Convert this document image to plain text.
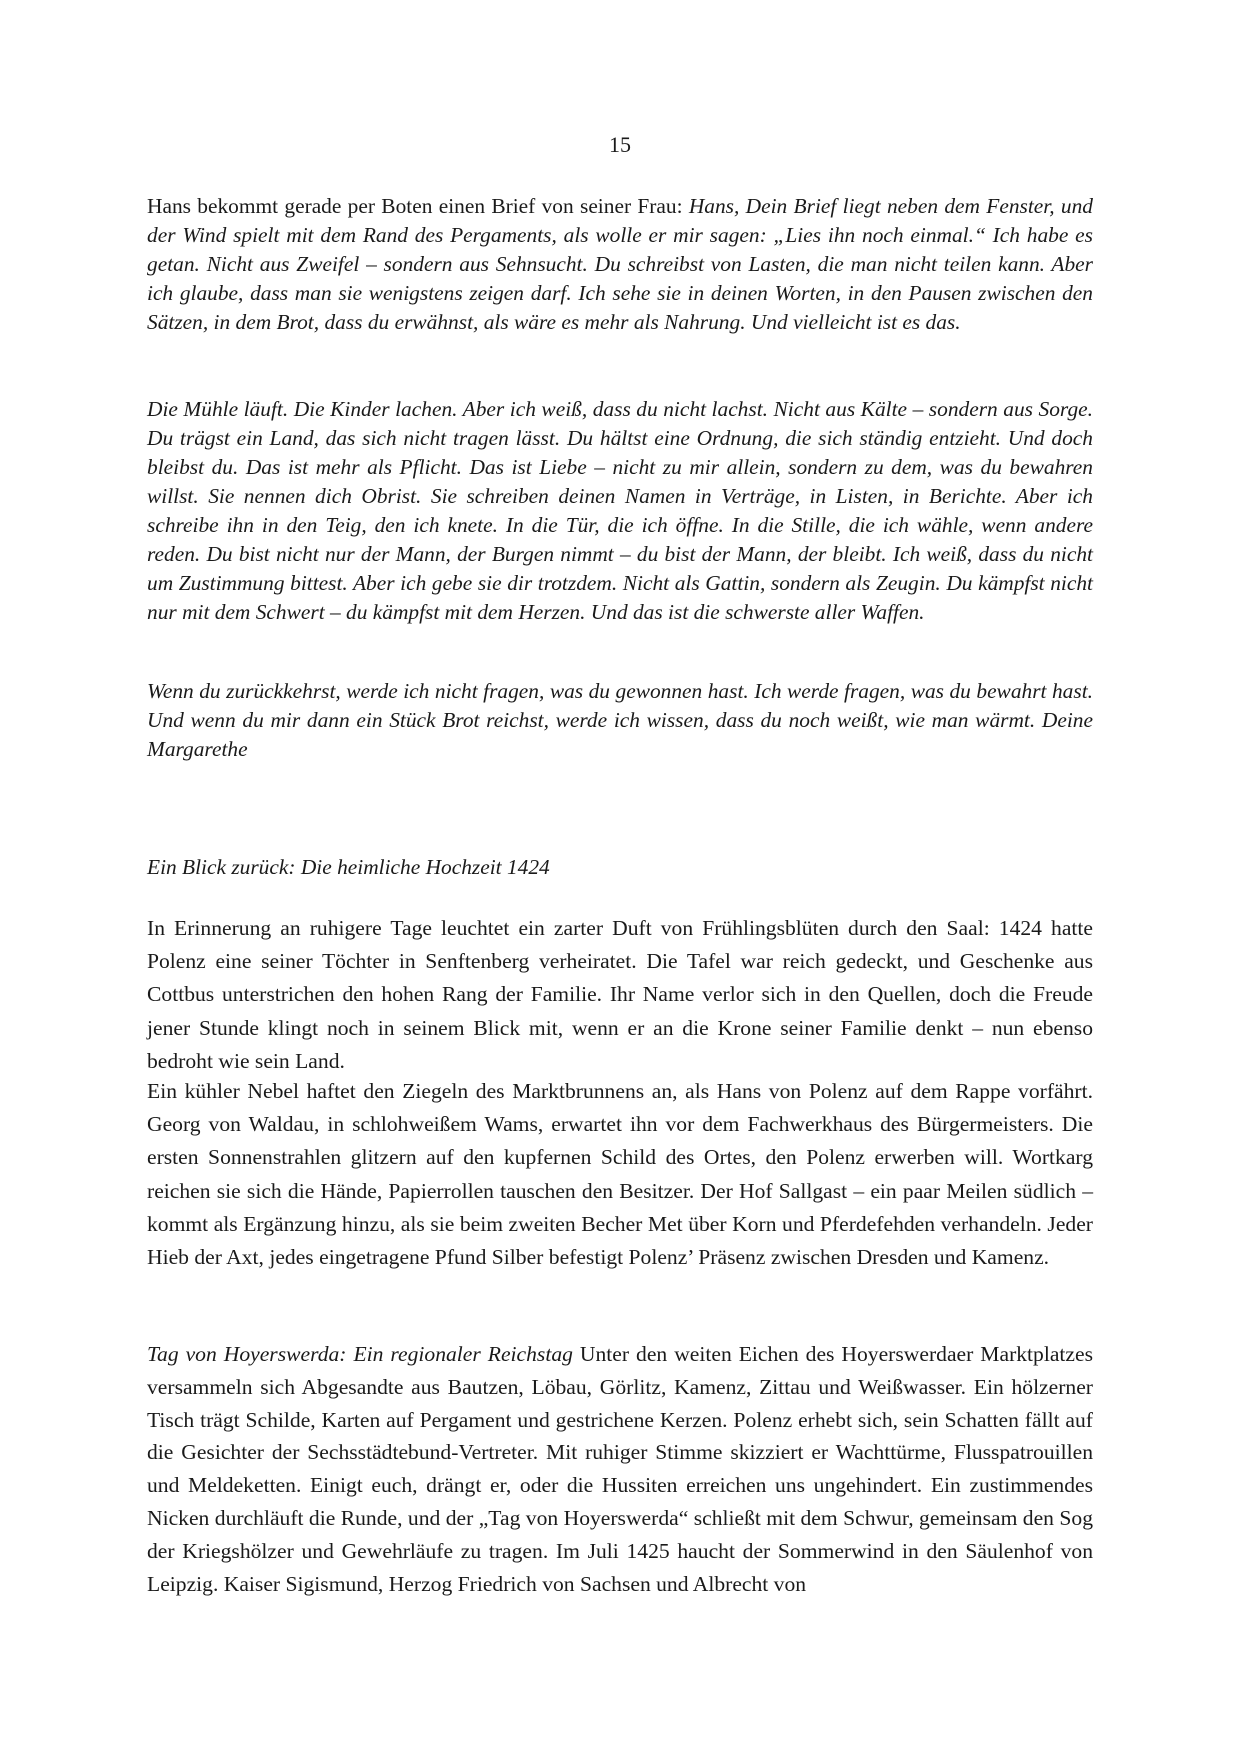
15

Hans bekommt gerade per Boten einen Brief von seiner Frau: Hans, Dein Brief liegt neben dem Fenster, und der Wind spielt mit dem Rand des Pergaments, als wolle er mir sagen: „Lies ihn noch einmal.“ Ich habe es getan. Nicht aus Zweifel – sondern aus Sehnsucht. Du schreibst von Lasten, die man nicht teilen kann. Aber ich glaube, dass man sie wenigstens zeigen darf. Ich sehe sie in deinen Worten, in den Pausen zwischen den Sätzen, in dem Brot, dass du erwähnst, als wäre es mehr als Nahrung. Und vielleicht ist es das.

Die Mühle läuft. Die Kinder lachen. Aber ich weiß, dass du nicht lachst. Nicht aus Kälte – sondern aus Sorge. Du trägst ein Land, das sich nicht tragen lässt. Du hältst eine Ordnung, die sich ständig entzieht. Und doch bleibst du. Das ist mehr als Pflicht. Das ist Liebe – nicht zu mir allein, sondern zu dem, was du bewahren willst. Sie nennen dich Obrist. Sie schreiben deinen Namen in Verträge, in Listen, in Berichte. Aber ich schreibe ihn in den Teig, den ich knete. In die Tür, die ich öffne. In die Stille, die ich wähle, wenn andere reden. Du bist nicht nur der Mann, der Burgen nimmt – du bist der Mann, der bleibt. Ich weiß, dass du nicht um Zustimmung bittest. Aber ich gebe sie dir trotzdem. Nicht als Gattin, sondern als Zeugin. Du kämpfst nicht nur mit dem Schwert – du kämpfst mit dem Herzen. Und das ist die schwerste aller Waffen.

Wenn du zurückkehrst, werde ich nicht fragen, was du gewonnen hast. Ich werde fragen, was du bewahrt hast. Und wenn du mir dann ein Stück Brot reichst, werde ich wissen, dass du noch weißt, wie man wärmt. Deine Margarethe

Ein Blick zurück: Die heimliche Hochzeit 1424

In Erinnerung an ruhigere Tage leuchtet ein zarter Duft von Frühlingsblüten durch den Saal: 1424 hatte Polenz eine seiner Töchter in Senftenberg verheiratet. Die Tafel war reich gedeckt, und Geschenke aus Cottbus unterstrichen den hohen Rang der Familie. Ihr Name verlor sich in den Quellen, doch die Freude jener Stunde klingt noch in seinem Blick mit, wenn er an die Krone seiner Familie denkt – nun ebenso bedroht wie sein Land.

Ein kühler Nebel haftet den Ziegeln des Marktbrunnens an, als Hans von Polenz auf dem Rappe vorfährt. Georg von Waldau, in schlohweißem Wams, erwartet ihn vor dem Fachwerkhaus des Bürgermeisters. Die ersten Sonnenstrahlen glitzern auf den kupfernen Schild des Ortes, den Polenz erwerben will. Wortkarg reichen sie sich die Hände, Papierrollen tauschen den Besitzer. Der Hof Sallgast – ein paar Meilen südlich – kommt als Ergänzung hinzu, als sie beim zweiten Becher Met über Korn und Pferdefehden verhandeln. Jeder Hieb der Axt, jedes eingetragene Pfund Silber befestigt Polenz’ Präsenz zwischen Dresden und Kamenz.

Tag von Hoyerswerda: Ein regionaler Reichstag Unter den weiten Eichen des Hoyerswerdaer Marktplatzes versammeln sich Abgesandte aus Bautzen, Löbau, Görlitz, Kamenz, Zittau und Weißwasser. Ein hölzerner Tisch trägt Schilde, Karten auf Pergament und gestrichene Kerzen. Polenz erhebt sich, sein Schatten fällt auf die Gesichter der Sechsstädtebund-Vertreter. Mit ruhiger Stimme skizziert er Wachttürme, Flusspatrouillen und Meldeketten. Einigt euch, drängt er, oder die Hussiten erreichen uns ungehindert. Ein zustimmendes Nicken durchläuft die Runde, und der „Tag von Hoyerswerda“ schließt mit dem Schwur, gemeinsam den Sog der Kriegshölzer und Gewehrläufe zu tragen. Im Juli 1425 haucht der Sommerwind in den Säulenhof von Leipzig. Kaiser Sigismund, Herzog Friedrich von Sachsen und Albrecht von
